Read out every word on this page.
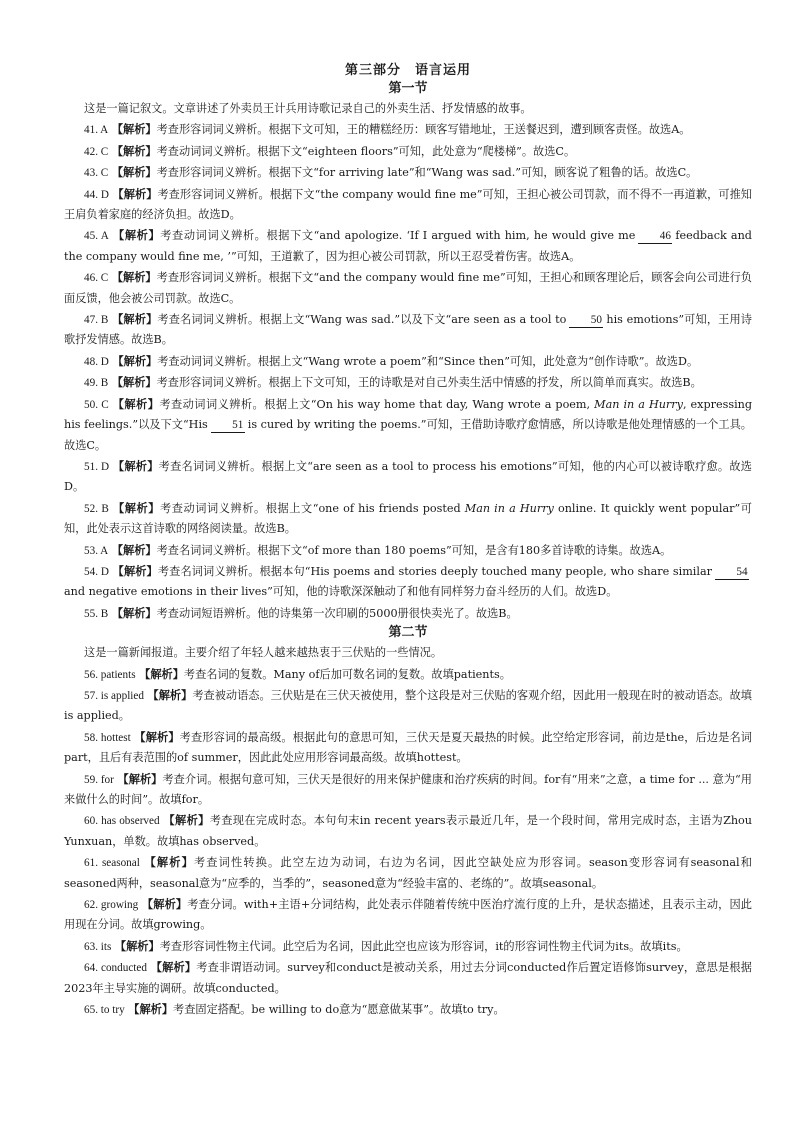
第三部分　语言运用
第一节

这是一篇记叙文。文章讲述了外卖员王计兵用诗歌记录自己的外卖生活、抒发情感的故事。

41. A 【解析】考查形容词词义辨析。根据下文可知，王的糟糕经历：顾客写错地址，王送餐迟到，遭到顾客责怪。故选A。

42. C 【解析】考查动词词义辨析。根据下文“eighteen floors”可知，此处意为“爬楼梯”。故选C。

43. C 【解析】考查形容词词义辨析。根据下文“for arriving late”和“Wang was sad.”可知，顾客说了粗鲁的话。故选C。

44. D 【解析】考查形容词词义辨析。根据下文“the company would fine me”可知，王担心被公司罚款，而不得不一再道歉，可推知王肩负着家庭的经济负担。故选D。

45. A 【解析】考查动词词义辨析。根据下文“and apologize. ‘If I argued with him, he would give me 46 feedback and the company would fine me, ’”可知，王道歉了，因为担心被公司罚款，所以王忍受着伤害。故选A。

46. C 【解析】考查形容词词义辨析。根据下文“and the company would fine me”可知，王担心和顾客理论后，顾客会向公司进行负面反馈，他会被公司罚款。故选C。

47. B 【解析】考查名词词义辨析。根据上文“Wang was sad.”以及下文“are seen as a tool to 50 his emotions”可知，王用诗歌抒发情感。故选B。

48. D 【解析】考查动词词义辨析。根据上文“Wang wrote a poem”和“Since then”可知，此处意为“创作诗歌”。故选D。

49. B 【解析】考查形容词词义辨析。根据上下文可知，王的诗歌是对自己外卖生活中情感的抒发，所以简单而真实。故选B。

50. C 【解析】考查动词词义辨析。根据上文“On his way home that day, Wang wrote a poem, Man in a Hurry, expressing his feelings.”以及下文“His 51 is cured by writing the poems.”可知，王借助诗歌疗愈情感，所以诗歌是他处理情感的一个工具。故选C。

51. D 【解析】考查名词词义辨析。根据上文“are seen as a tool to process his emotions”可知，他的内心可以被诗歌疗愈。故选D。

52. B 【解析】考查动词词义辨析。根据上文“one of his friends posted Man in a Hurry online. It quickly went popular”可知，此处表示这首诗歌的网络阅读量。故选B。

53. A 【解析】考查名词词义辨析。根据下文“of more than 180 poems”可知，是含有180多首诗歌的诗集。故选A。

54. D 【解析】考查名词词义辨析。根据本句“His poems and stories deeply touched many people, who share similar 54and negative emotions in their lives”可知，他的诗歌深深触动了和他有同样努力奋斗经历的人们。故选D。

55. B 【解析】考查动词短语辨析。他的诗集第一次印刷的5000册很快卖光了。故选B。

第二节

这是一篇新闻报道。主要介绍了年轻人越来越热衷于三伏贴的一些情况。

56. patients 【解析】考查名词的复数。Many of后加可数名词的复数。故填patients。

57. is applied 【解析】考查被动语态。三伏贴是在三伏天被使用，整个这段是对三伏贴的客观介绍，因此用一般现在时的被动语态。故填is applied。

58. hottest 【解析】考查形容词的最高级。根据此句的意思可知，三伏天是夏天最热的时候。此空给定形容词，前边是the，后边是名词part，且后有表范围的of summer，因此此处应用形容词最高级。故填hottest。

59. for 【解析】考查介词。根据句意可知，三伏天是很好的用来保护健康和治疗疾病的时间。for有“用来”之意，a time for ... 意为“用来做什么的时间”。故填for。

60. has observed 【解析】考查现在完成时态。本句句末in recent years表示最近几年，是一个段时间，常用完成时态，主语为Zhou Yunxuan，单数。故填has observed。

61. seasonal 【解析】考查词性转换。此空左边为动词，右边为名词，因此空缺处应为形容词。season变形容词有seasonal和seasoned两种，seasonal意为“应季的，当季的”，seasoned意为“经验丰富的、老练的”。故填seasonal。

62. growing 【解析】考查分词。with+主语+分词结构，此处表示伴随着传统中医治疗流行度的上升，是状态描述，且表示主动，因此用现在分词。故填growing。

63. its 【解析】考查形容词性物主代词。此空后为名词，因此此空也应该为形容词，it的形容词性物主代词为its。故填its。

64. conducted 【解析】考查非谓语动词。survey和conduct是被动关系，用过去分词conducted作后置定语修饰survey，意思是根据2023年主导实施的调研。故填conducted。

65. to try 【解析】考查固定搭配。be willing to do意为“愿意做某事”。故填to try。
